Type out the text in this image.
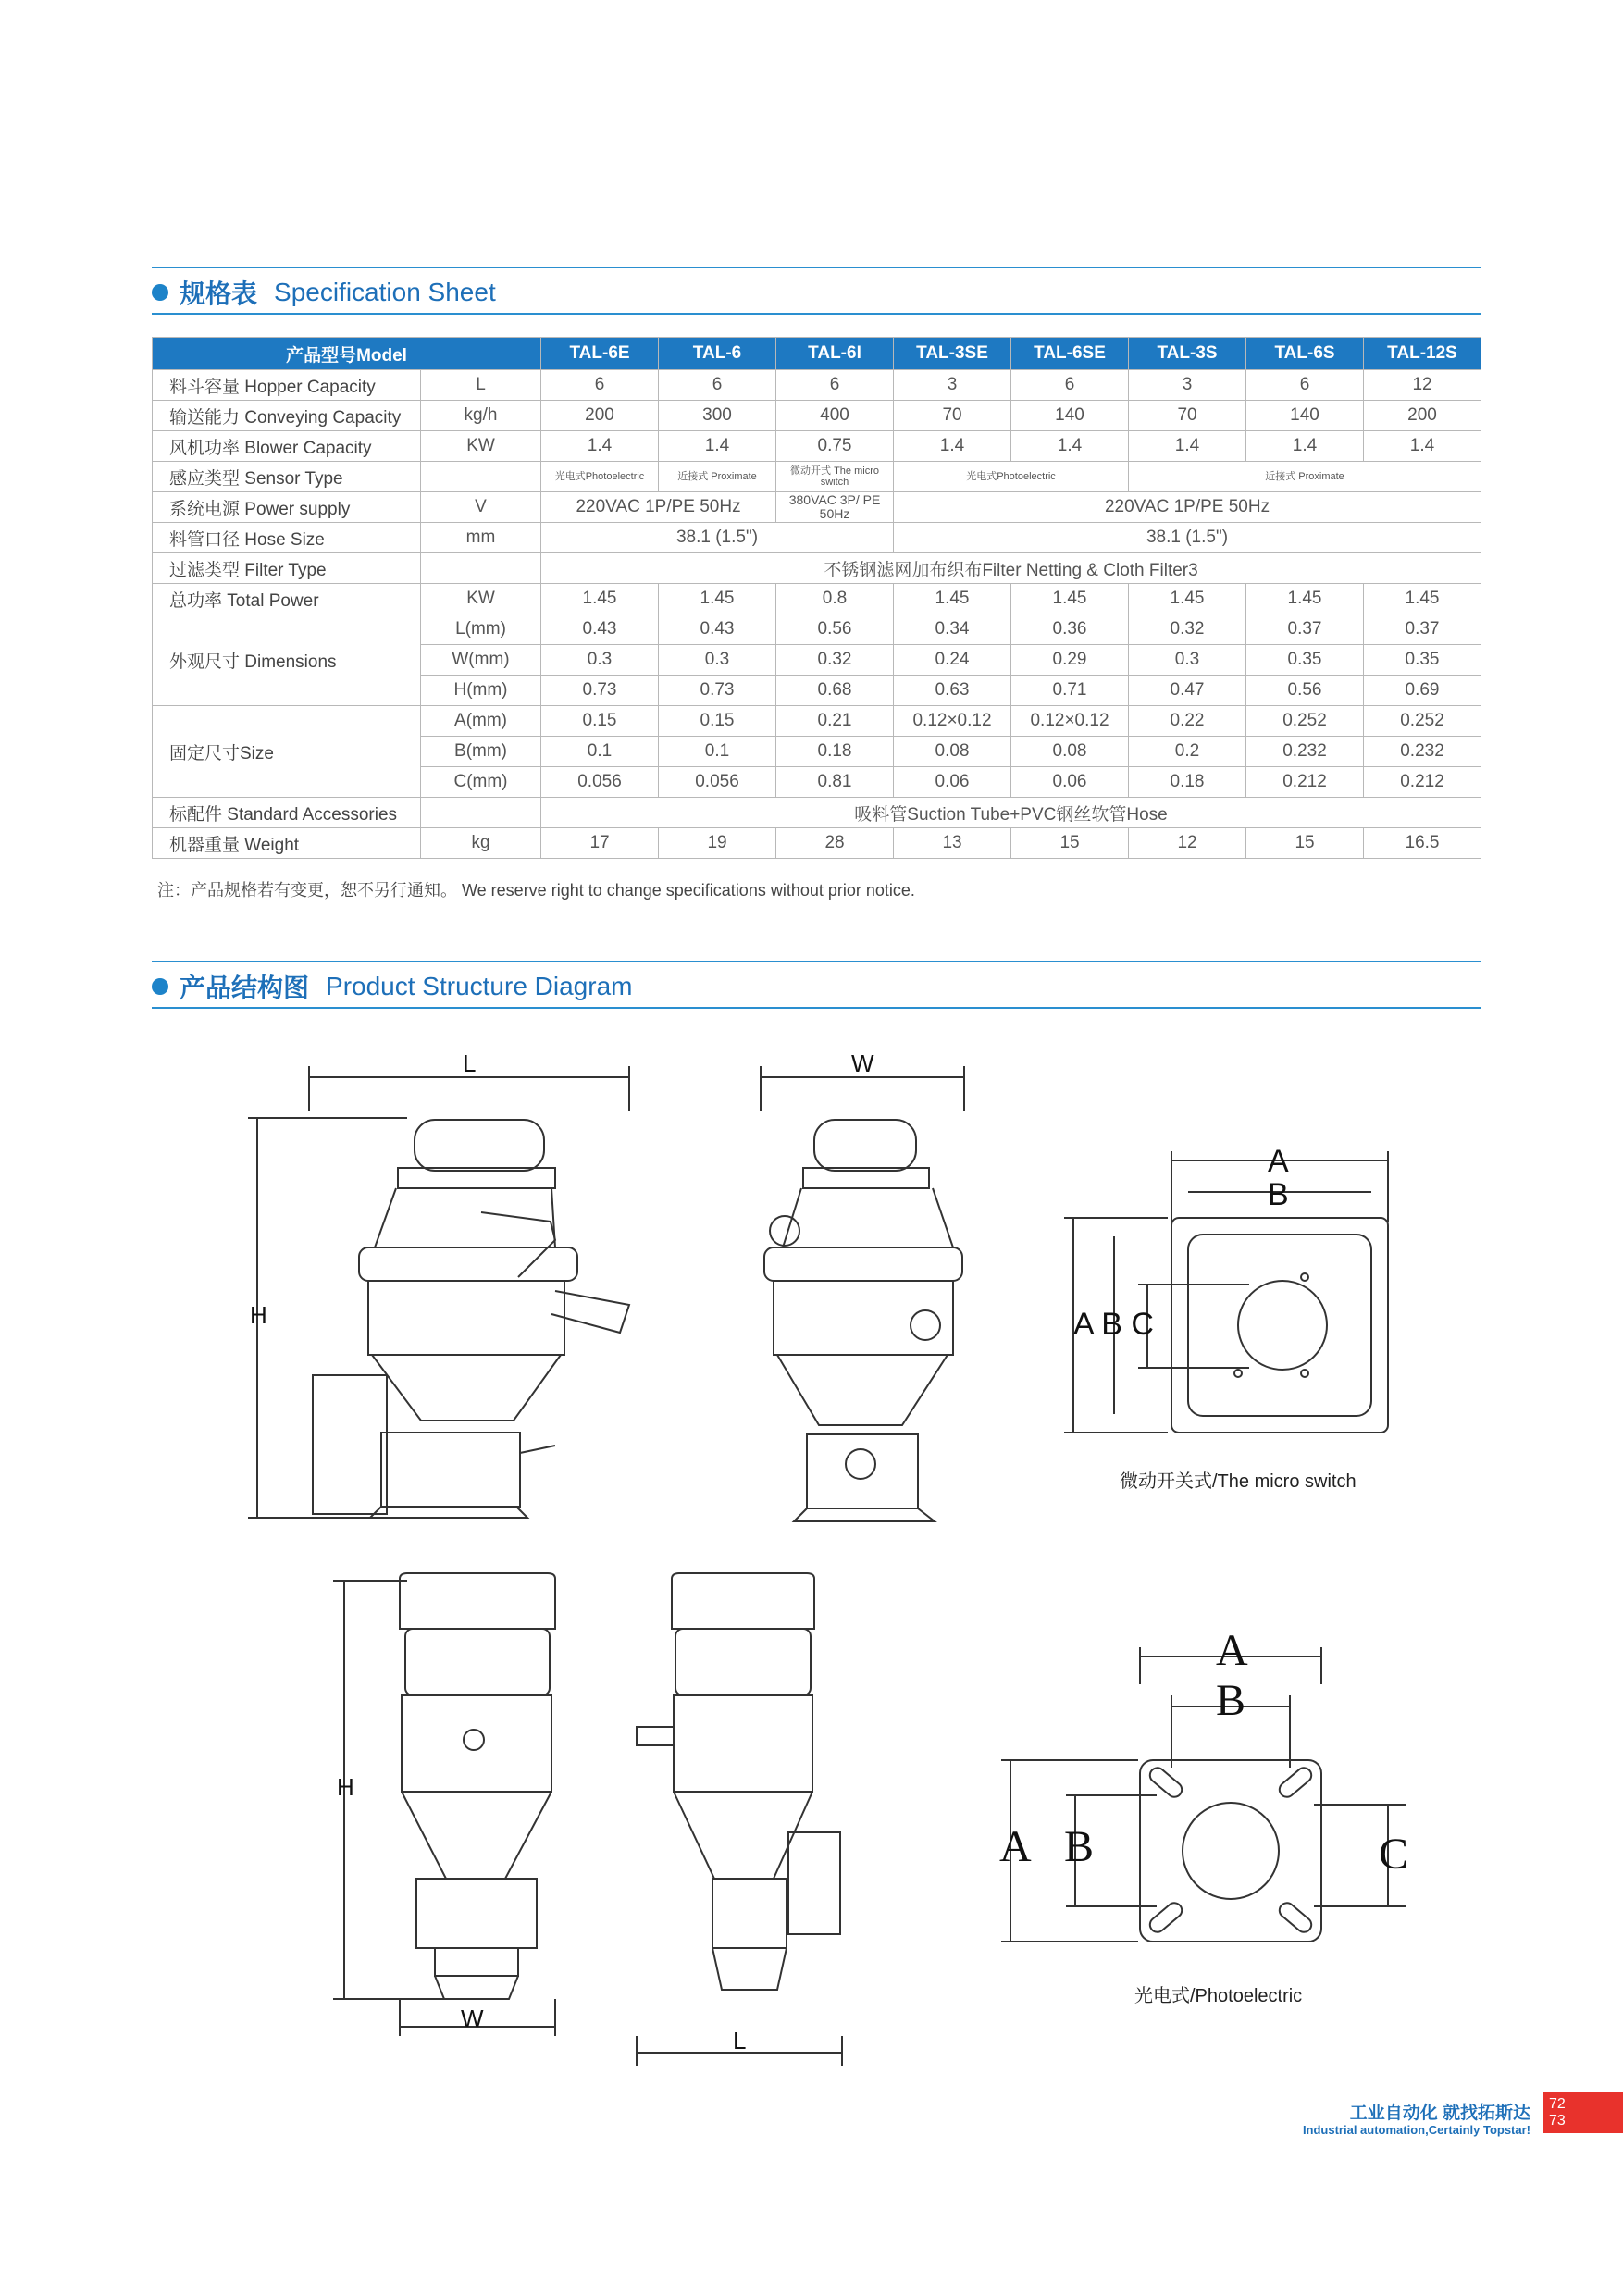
规格表 Specification Sheet
产品型号Model		TAL-6E	TAL-6	TAL-6I	TAL-3SE	TAL-6SE	TAL-3S	TAL-6S	TAL-12S
料斗容量 Hopper Capacity	L	6	6	6	3	6	3	6	12
输送能力 Conveying Capacity	kg/h	200	300	400	70	140	70	140	200
风机功率 Blower Capacity	KW	1.4	1.4	0.75	1.4	1.4	1.4	1.4	1.4
感应类型 Sensor Type		光电式Photoelectric	近接式 Proximate	微动开式 The micro switch	光电式Photoelectric		近接式 Proximate		
系统电源 Power supply	V	220VAC 1P/PE 50Hz		380VAC 3P/ PE 50Hz	220VAC 1P/PE 50Hz				
料管口径 Hose Size	mm	38.1 (1.5")			38.1 (1.5")				
过滤类型 Filter Type		不锈钢滤网加布织布Filter Netting & Cloth Filter3							
总功率 Total Power	KW	1.45	1.45	0.8	1.45	1.45	1.45	1.45	1.45
外观尺寸 Dimensions	L(mm)	0.43	0.43	0.56	0.34	0.36	0.32	0.37	0.37
	W(mm)	0.3	0.3	0.32	0.24	0.29	0.3	0.35	0.35
	H(mm)	0.73	0.73	0.68	0.63	0.71	0.47	0.56	0.69
固定尺寸Size	A(mm)	0.15	0.15	0.21	0.12×0.12	0.12×0.12	0.22	0.252	0.252
	B(mm)	0.1	0.1	0.18	0.08	0.08	0.2	0.232	0.232
	C(mm)	0.056	0.056	0.81	0.06	0.06	0.18	0.212	0.212
标配件 Standard Accessories		吸料管Suction Tube+PVC钢丝软管Hose							
机器重量 Weight	kg	17	19	28	13	15	12	15	16.5
注：产品规格若有变更，恕不另行通知。 We reserve right to change specifications without prior notice.
产品结构图 Product Structure Diagram
L	W
H
H
W
L
A
B
A B C
微动开关式/The micro switch
A
B
A B	C
光电式/Photoelectric
工业自动化 就找拓斯达
Industrial automation,Certainly Topstar!
72
73
